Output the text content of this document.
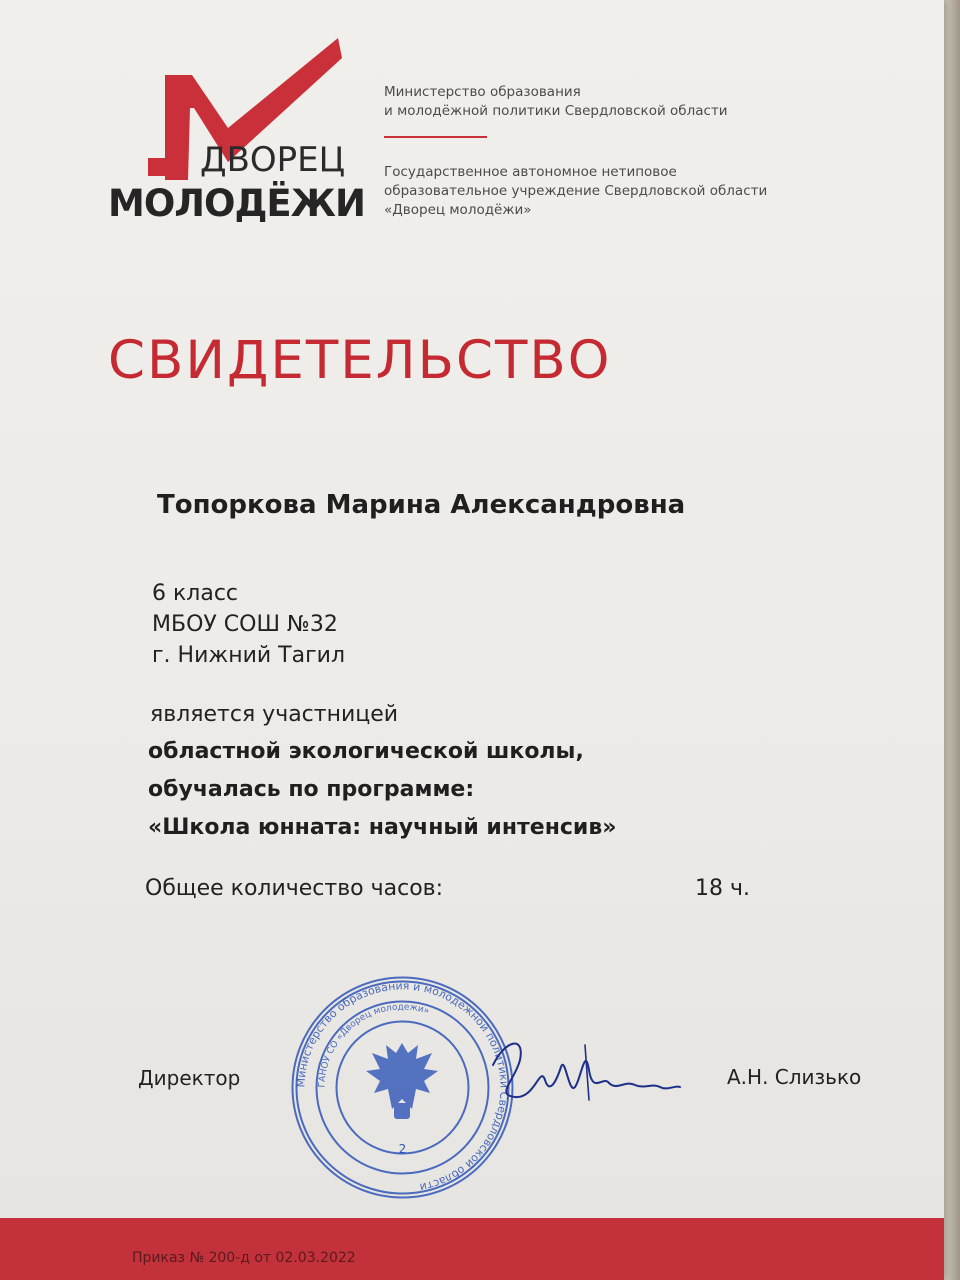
ДВОРЕЦ
МОЛОДЁЖИ
Министерство образования
и молодёжной политики Свердловской области
Государственное автономное нетиповое
образовательное учреждение Свердловской области
«Дворец молодёжи»
СВИДЕТЕЛЬСТВО
Топоркова Марина Александровна
6 класс
МБОУ СОШ №32
г. Нижний Тагил
является участницей
областной экологической школы,
обучалась по программе:
«Школа юнната: научный интенсив»
Общее количество часов:	18 ч.
Директор	Министерство образования и молодежной политики Свердловской области
ГАНОУ СО «Дворец молодежи»
2
А.Н. Слизько
Приказ № 200-д от 02.03.2022
